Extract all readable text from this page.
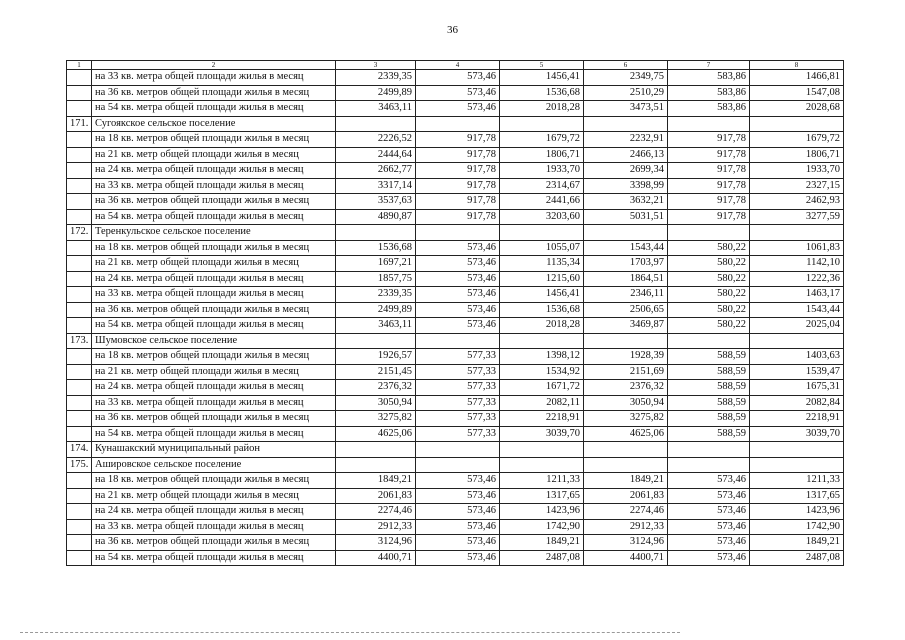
36
1	2	3	4	5	6	7	8
	на 33 кв. метра общей площади жилья в месяц	2339,35	573,46	1456,41	2349,75	583,86	1466,81
	на 36 кв. метров общей площади жилья в месяц	2499,89	573,46	1536,68	2510,29	583,86	1547,08
	на 54 кв. метра общей площади жилья в месяц	3463,11	573,46	2018,28	3473,51	583,86	2028,68
171.	Сугоякское сельское поселение						
	на 18 кв. метров общей площади жилья в месяц	2226,52	917,78	1679,72	2232,91	917,78	1679,72
	на 21 кв. метр общей площади жилья в месяц	2444,64	917,78	1806,71	2466,13	917,78	1806,71
	на 24 кв. метра общей площади жилья в месяц	2662,77	917,78	1933,70	2699,34	917,78	1933,70
	на 33 кв. метра общей площади жилья в месяц	3317,14	917,78	2314,67	3398,99	917,78	2327,15
	на 36 кв. метров общей площади жилья в месяц	3537,63	917,78	2441,66	3632,21	917,78	2462,93
	на 54 кв. метра общей площади жилья в месяц	4890,87	917,78	3203,60	5031,51	917,78	3277,59
172.	Теренкульское сельское поселение						
	на 18 кв. метров общей площади жилья в месяц	1536,68	573,46	1055,07	1543,44	580,22	1061,83
	на 21 кв. метр общей площади жилья в месяц	1697,21	573,46	1135,34	1703,97	580,22	1142,10
	на 24 кв. метра общей площади жилья в месяц	1857,75	573,46	1215,60	1864,51	580,22	1222,36
	на 33 кв. метра общей площади жилья в месяц	2339,35	573,46	1456,41	2346,11	580,22	1463,17
	на 36 кв. метров общей площади жилья в месяц	2499,89	573,46	1536,68	2506,65	580,22	1543,44
	на 54 кв. метра общей площади жилья в месяц	3463,11	573,46	2018,28	3469,87	580,22	2025,04
173.	Шумовское сельское поселение						
	на 18 кв. метров общей площади жилья в месяц	1926,57	577,33	1398,12	1928,39	588,59	1403,63
	на 21 кв. метр общей площади жилья в месяц	2151,45	577,33	1534,92	2151,69	588,59	1539,47
	на 24 кв. метра общей площади жилья в месяц	2376,32	577,33	1671,72	2376,32	588,59	1675,31
	на 33 кв. метра общей площади жилья в месяц	3050,94	577,33	2082,11	3050,94	588,59	2082,84
	на 36 кв. метров общей площади жилья в месяц	3275,82	577,33	2218,91	3275,82	588,59	2218,91
	на 54 кв. метра общей площади жилья в месяц	4625,06	577,33	3039,70	4625,06	588,59	3039,70
174.	Кунашакский муниципальный район						
175.	Аширoвское сельское поселение						
	на 18 кв. метров общей площади жилья в месяц	1849,21	573,46	1211,33	1849,21	573,46	1211,33
	на 21 кв. метр общей площади жилья в месяц	2061,83	573,46	1317,65	2061,83	573,46	1317,65
	на 24 кв. метра общей площади жилья в месяц	2274,46	573,46	1423,96	2274,46	573,46	1423,96
	на 33 кв. метра общей площади жилья в месяц	2912,33	573,46	1742,90	2912,33	573,46	1742,90
	на 36 кв. метров общей площади жилья в месяц	3124,96	573,46	1849,21	3124,96	573,46	1849,21
	на 54 кв. метра общей площади жилья в месяц	4400,71	573,46	2487,08	4400,71	573,46	2487,08
